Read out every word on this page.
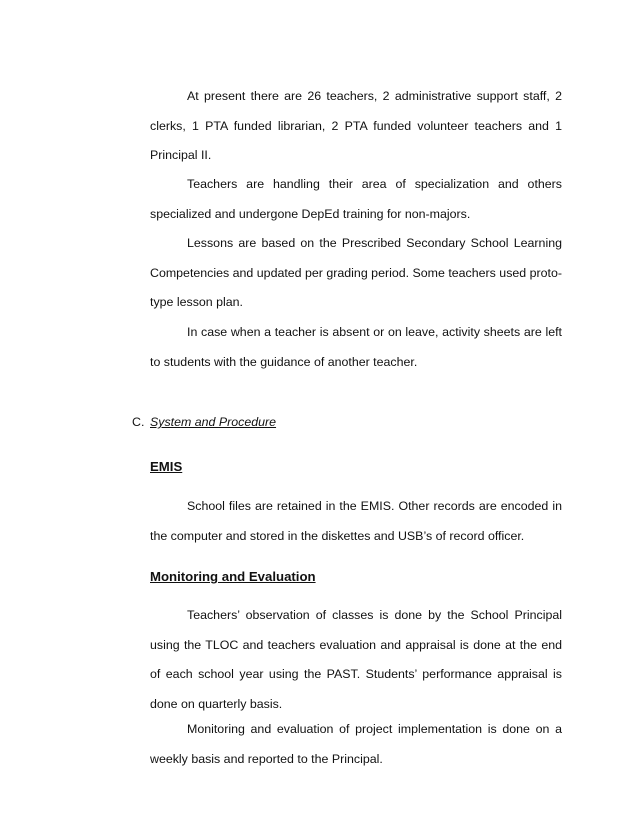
At present there are 26 teachers, 2 administrative support staff, 2 clerks, 1 PTA funded librarian, 2 PTA funded volunteer teachers and 1 Principal II.

Teachers are handling their area of specialization and others specialized and undergone DepEd training for non-majors.

Lessons are based on the Prescribed Secondary School Learning Competencies and updated per grading period. Some teachers used proto-type lesson plan.

In case when a teacher is absent or on leave, activity sheets are left to students with the guidance of another teacher.

C. System and Procedure

EMIS

School files are retained in the EMIS. Other records are encoded in the computer and stored in the diskettes and USB’s of record officer.

Monitoring and Evaluation

Teachers’ observation of classes is done by the School Principal using the TLOC and teachers evaluation and appraisal is done at the end of each school year using the PAST. Students’ performance appraisal is done on quarterly basis.

Monitoring and evaluation of project implementation is done on a weekly basis and reported to the Principal.
